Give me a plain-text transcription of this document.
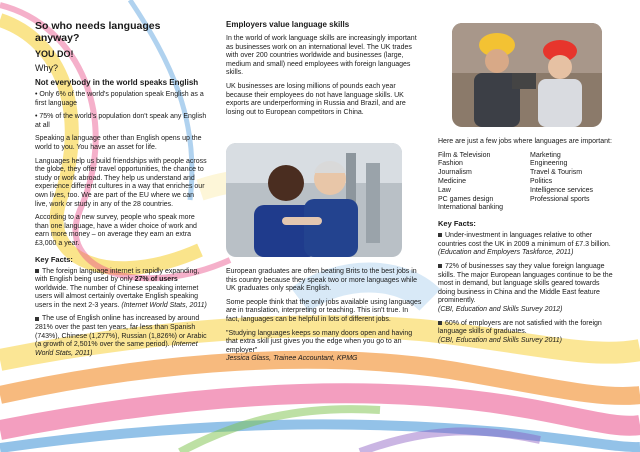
So who needs languages anyway?
YOU DO!
Why?
Not everybody in the world speaks English

• Only 6% of the world's population speak English as a first language

• 75% of the world's population don't speak any English at all

Speaking a language other than English opens up the world to you. You have an asset for life.

Languages help us build friendships with people across the globe, they offer travel opportunities, the chance to study or work abroad. They help us understand and experience different cultures in a way that enriches our own lives, too. We are part of the EU where we can live, work or study in any of the 28 countries.

According to a new survey, people who speak more than one language, have a wider choice of work and earn more money – on average they earn an extra £3,000 a year.

Key Facts:

The foreign language internet is rapidly expanding, with English being used by only 27% of users worldwide. The number of Chinese speaking internet users will almost certainly overtake English speaking users in the next 2-3 years. (Internet World Stats, 2011)

The use of English online has increased by around 281% over the past ten years, far less than Spanish (743%), Chinese (1,277%), Russian (1,826%) or Arabic (a growth of 2,501% over the same period). (Internet World Stats, 2011)

Employers value language skills

In the world of work language skills are increasingly important as businesses work on an international level. The UK trades with over 200 countries worldwide and businesses (large, medium and small) need employees with foreign languages skills.

UK businesses are losing millions of pounds each year because their employees do not have language skills. UK exports are underperforming in Russia and Brazil, and are losing out to European competitors in China.

European graduates are often beating Brits to the best jobs in this country because they speak two or more languages while UK graduates only speak English.

Some people think that the only jobs available using languages are in translation, interpreting or teaching. This isn't true. In fact, languages can be helpful in lots of different jobs.

"Studying languages keeps so many doors open and having that extra skill just gives you the edge when you go to an employer"
Jessica Glass, Trainee Accountant, KPMG

Here are just a few jobs where languages are important:

Film & Television
Fashion
Journalism
Medicine
Law
PC games design
International banking
Marketing
Engineering
Travel & Tourism
Politics
Intelligence services
Professional sports
Key Facts:

Under-investment in languages relative to other countries cost the UK in 2009 a minimum of £7.3 billion.
(Education and Employers Taskforce, 2011)

72% of businesses say they value foreign language skills. The major European languages continue to be the most in demand, but language skills geared towards doing business in China and the Middle East feature prominently.
(CBI, Education and Skills Survey 2012)

60% of employers are not satisfied with the foreign language skills of graduates.
(CBI, Education and Skills Survey 2011)
